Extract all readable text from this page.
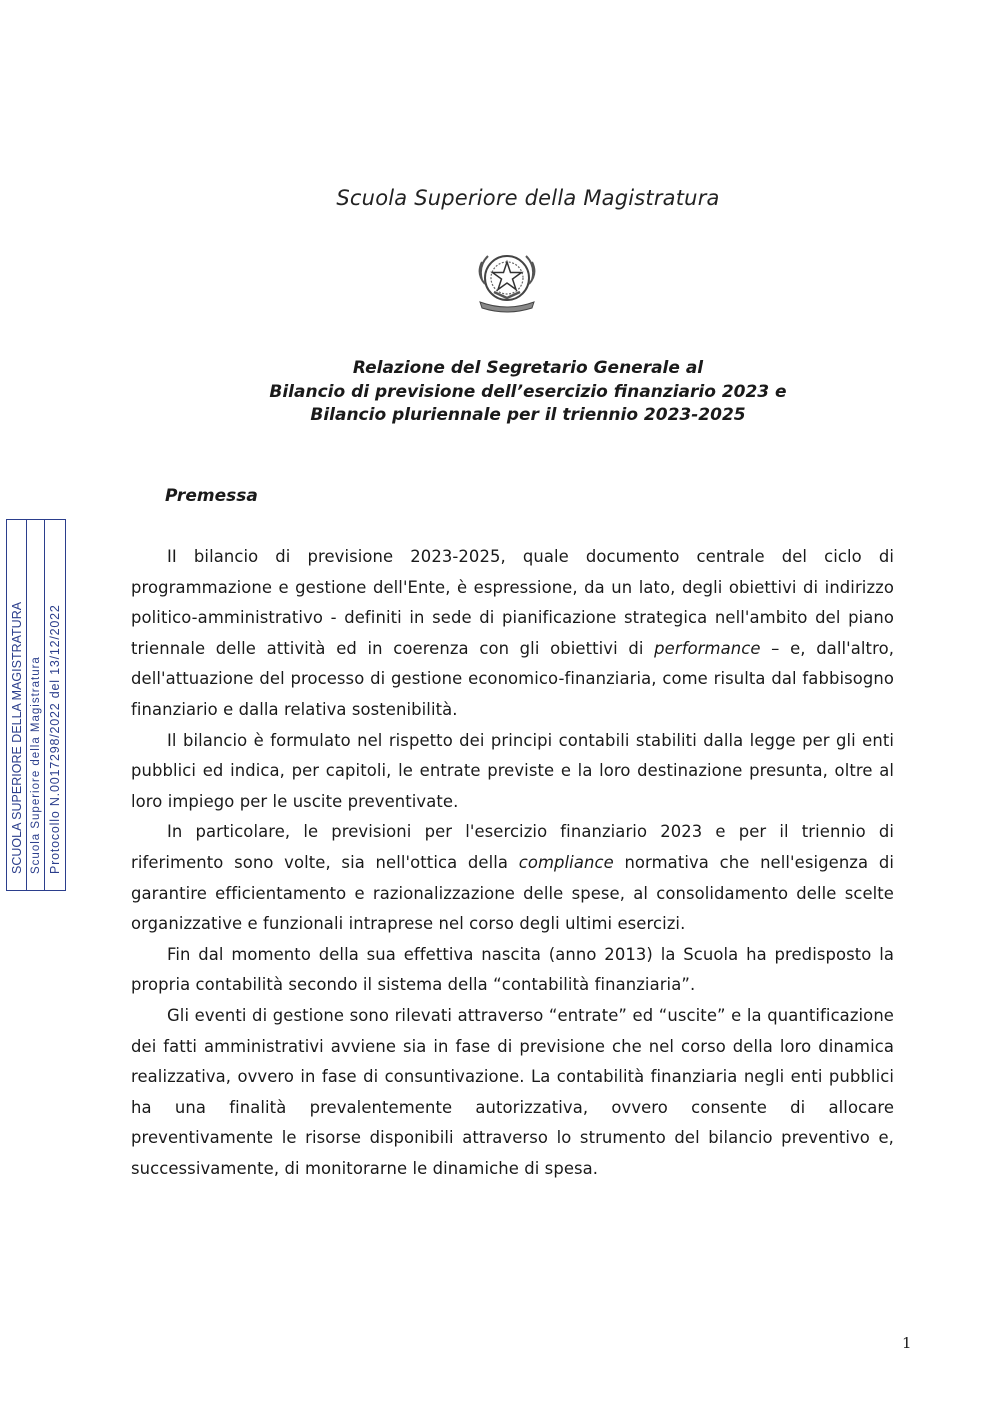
Scuola Superiore della Magistratura
Relazione del Segretario Generale al
Bilancio di previsione dell’esercizio finanziario 2023 e
Bilancio pluriennale per il triennio 2023-2025
Premessa

II bilancio di previsione 2023-2025, quale documento centrale del ciclo di programmazione e gestione dell'Ente, è espressione, da un lato, degli obiettivi di indirizzo politico-amministrativo - definiti in sede di pianificazione strategica nell'ambito del piano triennale delle attività ed in coerenza con gli obiettivi di performance – e, dall'altro, dell'attuazione del processo di gestione economico-finanziaria, come risulta dal fabbisogno finanziario e dalla relativa sostenibilità.

Il bilancio è formulato nel rispetto dei principi contabili stabiliti dalla legge per gli enti pubblici ed indica, per capitoli, le entrate previste e la loro destinazione presunta, oltre al loro impiego per le uscite preventivate.

In particolare, le previsioni per l'esercizio finanziario 2023 e per il triennio di riferimento sono volte, sia nell'ottica della compliance normativa che nell'esigenza di garantire efficientamento e razionalizzazione delle spese, al consolidamento delle scelte organizzative e funzionali intraprese nel corso degli ultimi esercizi.

Fin dal momento della sua effettiva nascita (anno 2013) la Scuola ha predisposto la propria contabilità secondo il sistema della “contabilità finanziaria”.

Gli eventi di gestione sono rilevati attraverso “entrate” ed “uscite” e la quantificazione dei fatti amministrativi avviene sia in fase di previsione che nel corso della loro dinamica realizzativa, ovvero in fase di consuntivazione. La contabilità finanziaria negli enti pubblici ha una finalità prevalentemente autorizzativa, ovvero consente di allocare preventivamente le risorse disponibili attraverso lo strumento del bilancio preventivo e, successivamente, di monitorarne le dinamiche di spesa.

SCUOLA SUPERIORE DELLA MAGISTRATURA Scuola Superiore della Magistratura Protocollo N.0017298/2022 del 13/12/2022
1
